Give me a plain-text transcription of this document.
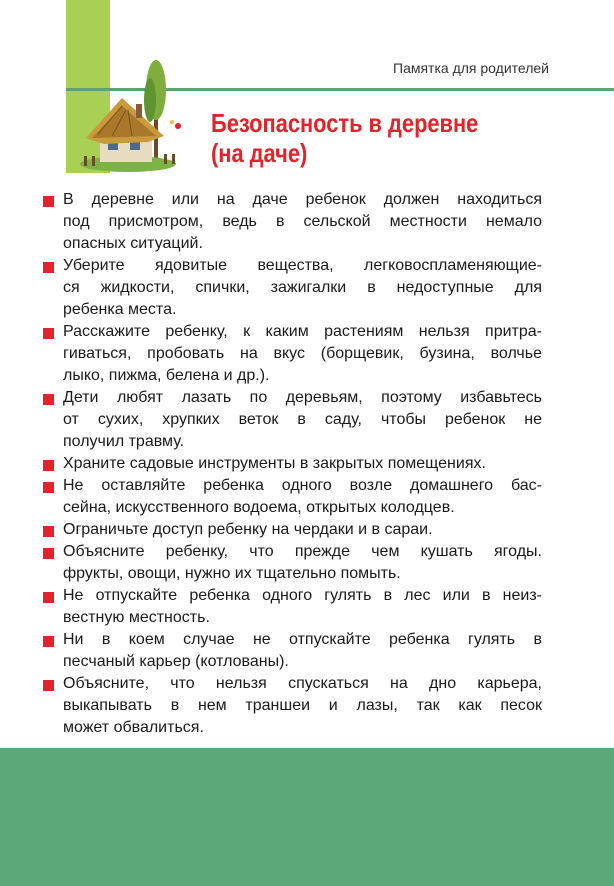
Памятка для родителей
Безопасность в деревне
(на даче)
В деревне или на даче ребенок должен находиться
под присмотром, ведь в сельской местности немало
опасных ситуаций.
Уберите ядовитые вещества, легковоспламеняющие-
ся жидкости, спички, зажигалки в недоступные для
ребенка места.
Расскажите ребенку, к каким растениям нельзя притра-
гиваться, пробовать на вкус (борщевик, бузина, волчье
лыко, пижма, белена и др.).
Дети любят лазать по деревьям, поэтому избавьтесь
от сухих, хрупких веток в саду, чтобы ребенок не
получил травму.
Храните садовые инструменты в закрытых помещениях.
Не оставляйте ребенка одного возле домашнего бас-
сейна, искусственного водоема, открытых колодцев.
Ограничьте доступ ребенку на чердаки и в сараи.
Объясните ребенку, что прежде чем кушать ягоды.
фрукты, овощи, нужно их тщательно помыть.
Не отпускайте ребенка одного гулять в лес или в неиз-
вестную местность.
Ни в коем случае не отпускайте ребенка гулять в
песчаный карьер (котлованы).
Объясните, что нельзя спускаться на дно карьера,
выкапывать в нем траншеи и лазы, так как песок
может обвалиться.
